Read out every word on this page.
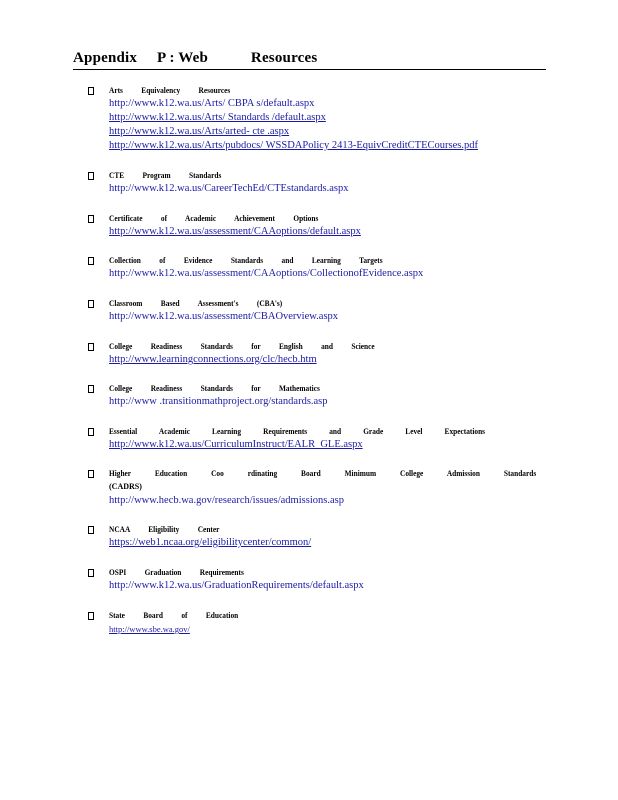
Appendix P : Web	Resources
Arts Equivalency Resources
http://www.k12.wa.us/Arts/ CBPA s/default.aspx
http://www.k12.wa.us/Arts/ Standards /default.aspx
http://www.k12.wa.us/Arts/arted- cte .aspx
http://www.k12.wa.us/Arts/pubdocs/ WSSDAPolicy 2413-EquivCreditCTECourses.pdf
CTE Program Standards
http://www.k12.wa.us/CareerTechEd/CTEstandards.aspx
Certificate of Academic Achievement Options
http://www.k12.wa.us/assessment/CAAoptions/default.aspx
Collection of Evidence Standards and Learning Targets
http://www.k12.wa.us/assessment/CAAoptions/CollectionofEvidence.aspx
Classroom Based Assessment's (CBA's)
http://www.k12.wa.us/assessment/CBAOverview.aspx
College Readiness Standards for English and Science
http://www.learningconnections.org/clc/hecb.htm
College Readiness Standards for Mathematics
http://www .transitionmathproject.org/standards.asp
Essential Academic Learning Requirements and Grade Level Expectations
http://www.k12.wa.us/CurriculumInstruct/EALR_GLE.aspx
Higher Education Coo rdinating Board Minimum College Admission Standards
(CADRS)
http://www.hecb.wa.gov/research/issues/admissions.asp
NCAA Eligibility Center
https://web1.ncaa.org/eligibilitycenter/common/
OSPI Graduation Requirements
http://www.k12.wa.us/GraduationRequirements/default.aspx
State Board of Education
http://www.sbe.wa.gov/
